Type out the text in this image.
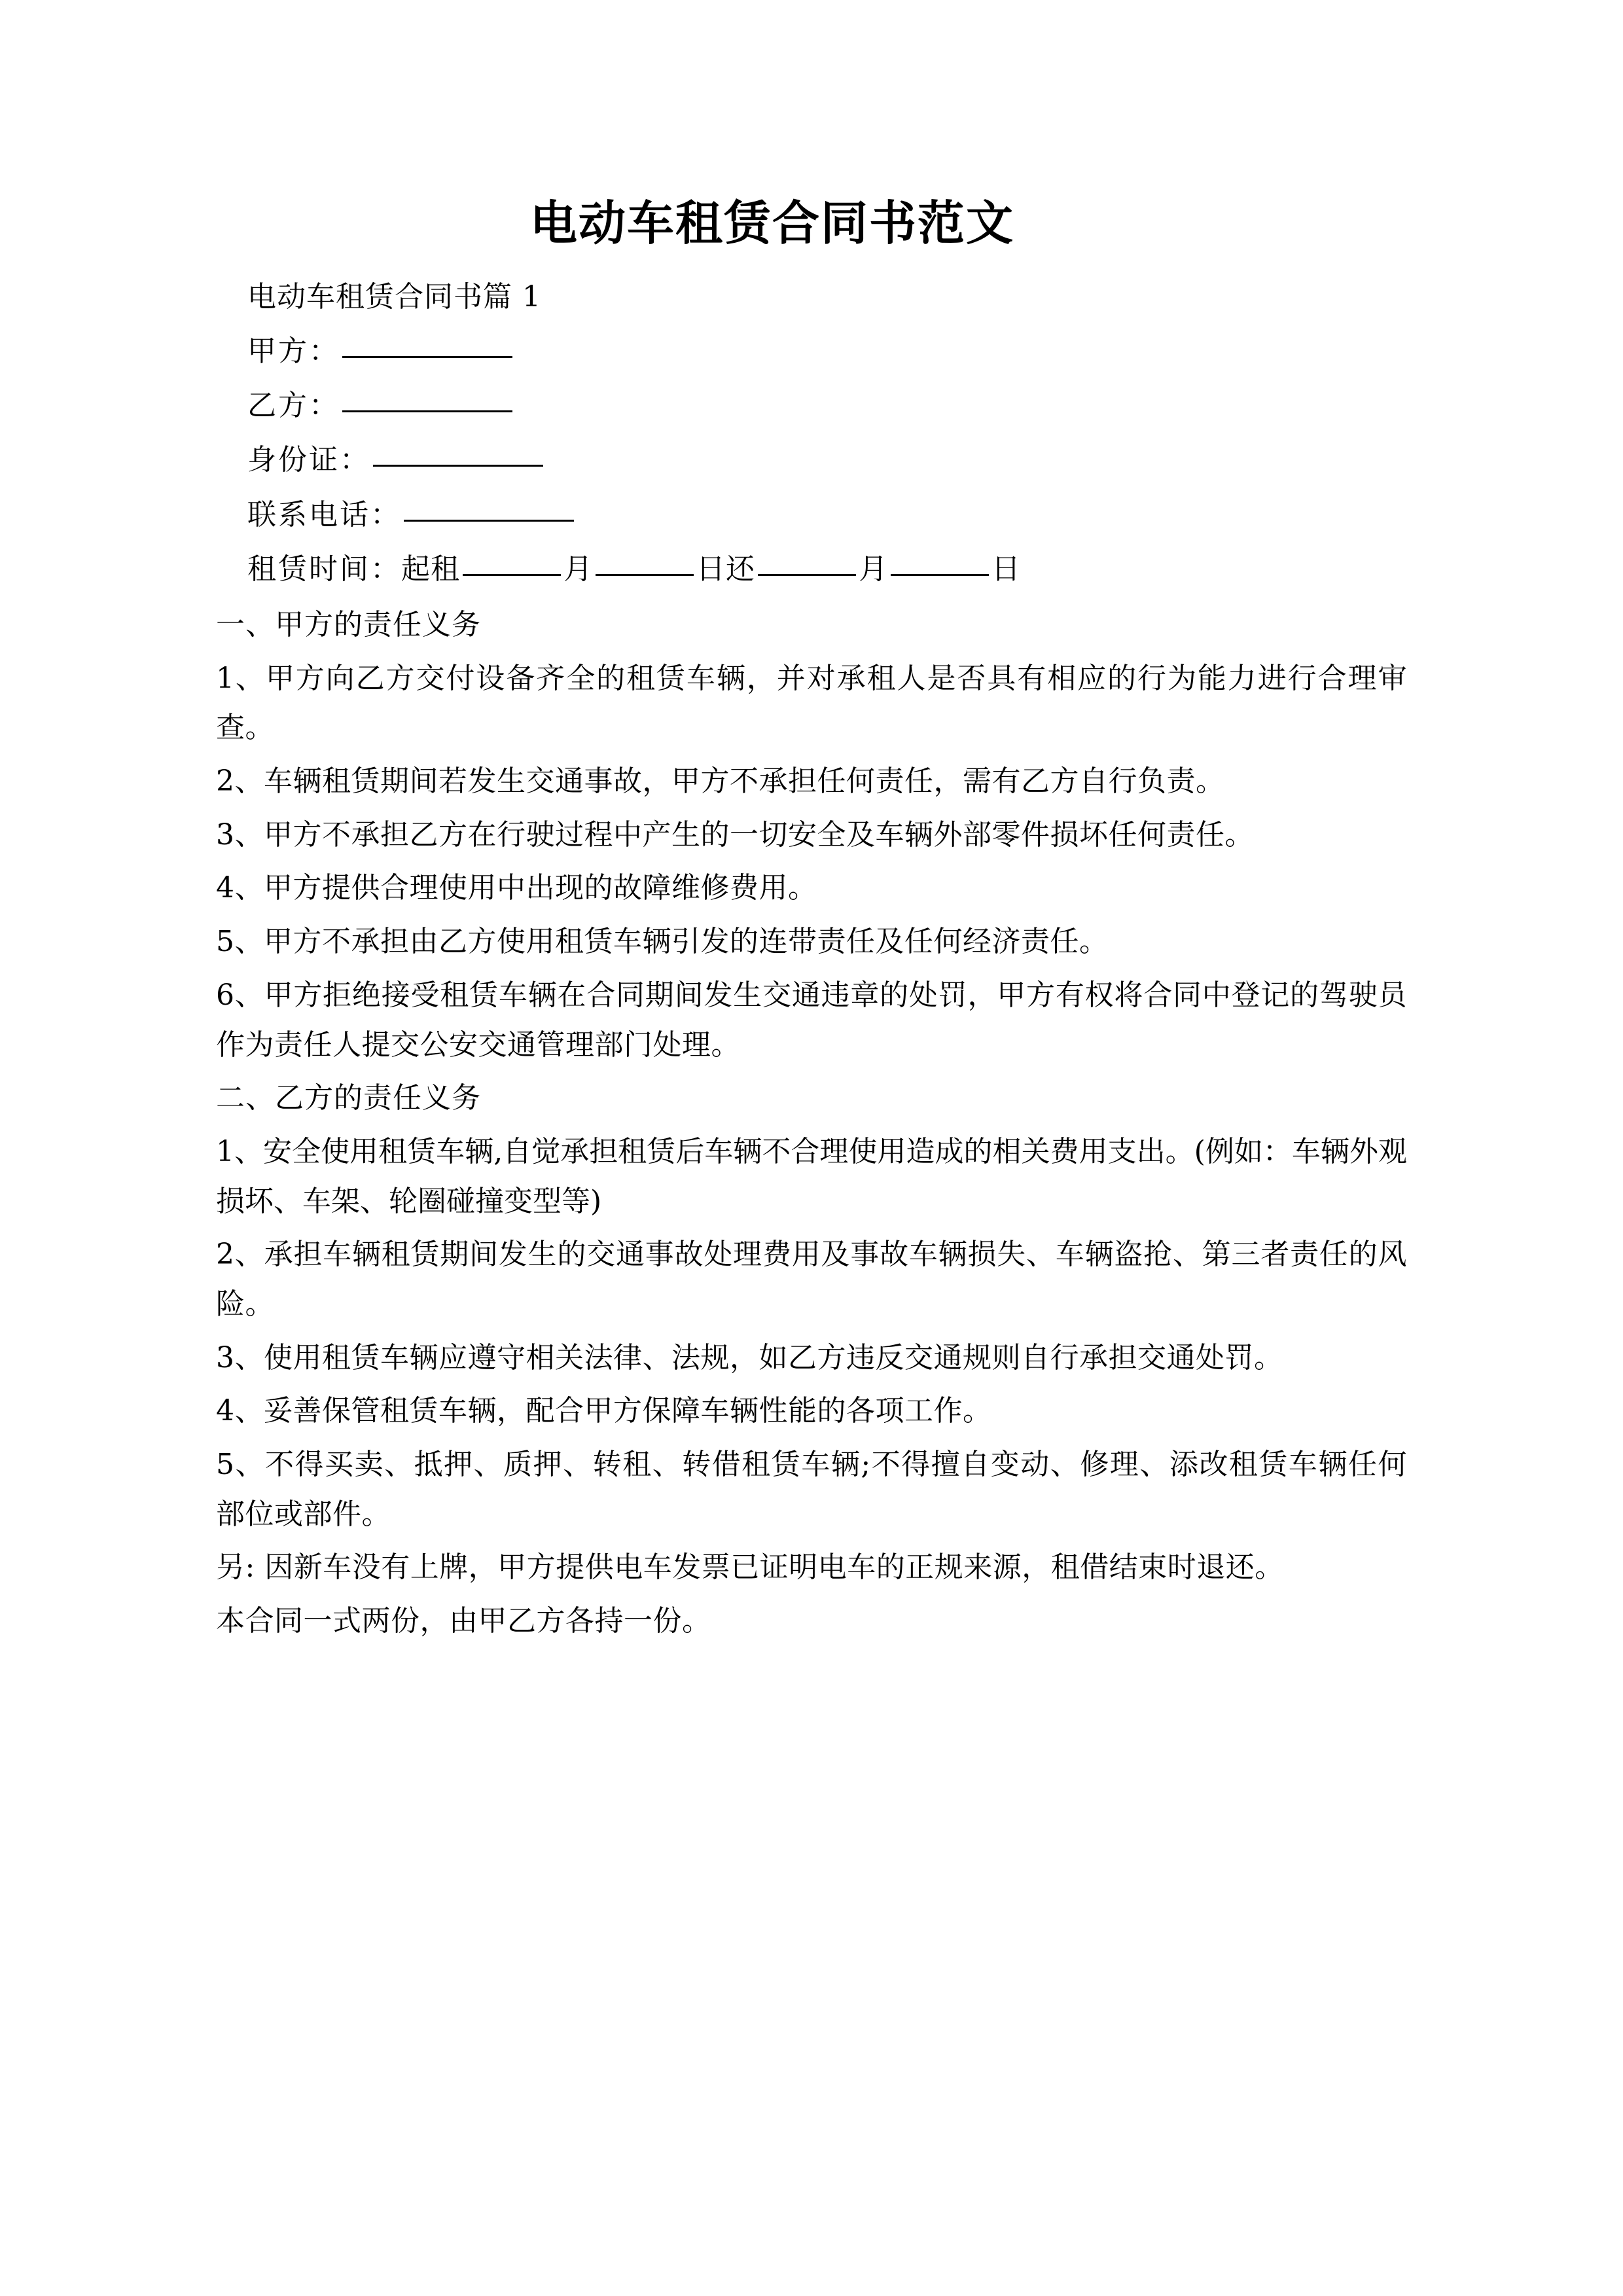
电动车租赁合同书范文

电动车租赁合同书篇 1

甲方：

乙方：

身份证：

联系电话：

租赁时间：起租	月	日还	月	日

一、甲方的责任义务

1、甲方向乙方交付设备齐全的租赁车辆，并对承租人是否具有相应的行为能力进行合理审查。

2、车辆租赁期间若发生交通事故，甲方不承担任何责任，需有乙方自行负责。

3、甲方不承担乙方在行驶过程中产生的一切安全及车辆外部零件损坏任何责任。

4、甲方提供合理使用中出现的故障维修费用。

5、甲方不承担由乙方使用租赁车辆引发的连带责任及任何经济责任。

6、甲方拒绝接受租赁车辆在合同期间发生交通违章的处罚，甲方有权将合同中登记的驾驶员作为责任人提交公安交通管理部门处理。

二、乙方的责任义务

1、安全使用租赁车辆,自觉承担租赁后车辆不合理使用造成的相关费用支出。(例如：车辆外观损坏、车架、轮圈碰撞变型等)

2、承担车辆租赁期间发生的交通事故处理费用及事故车辆损失、车辆盗抢、第三者责任的风险。

3、使用租赁车辆应遵守相关法律、法规，如乙方违反交通规则自行承担交通处罚。

4、妥善保管租赁车辆，配合甲方保障车辆性能的各项工作。

5、不得买卖、抵押、质押、转租、转借租赁车辆;不得擅自变动、修理、添改租赁车辆任何部位或部件。

另: 因新车没有上牌，甲方提供电车发票已证明电车的正规来源，租借结束时退还。

本合同一式两份，由甲乙方各持一份。
